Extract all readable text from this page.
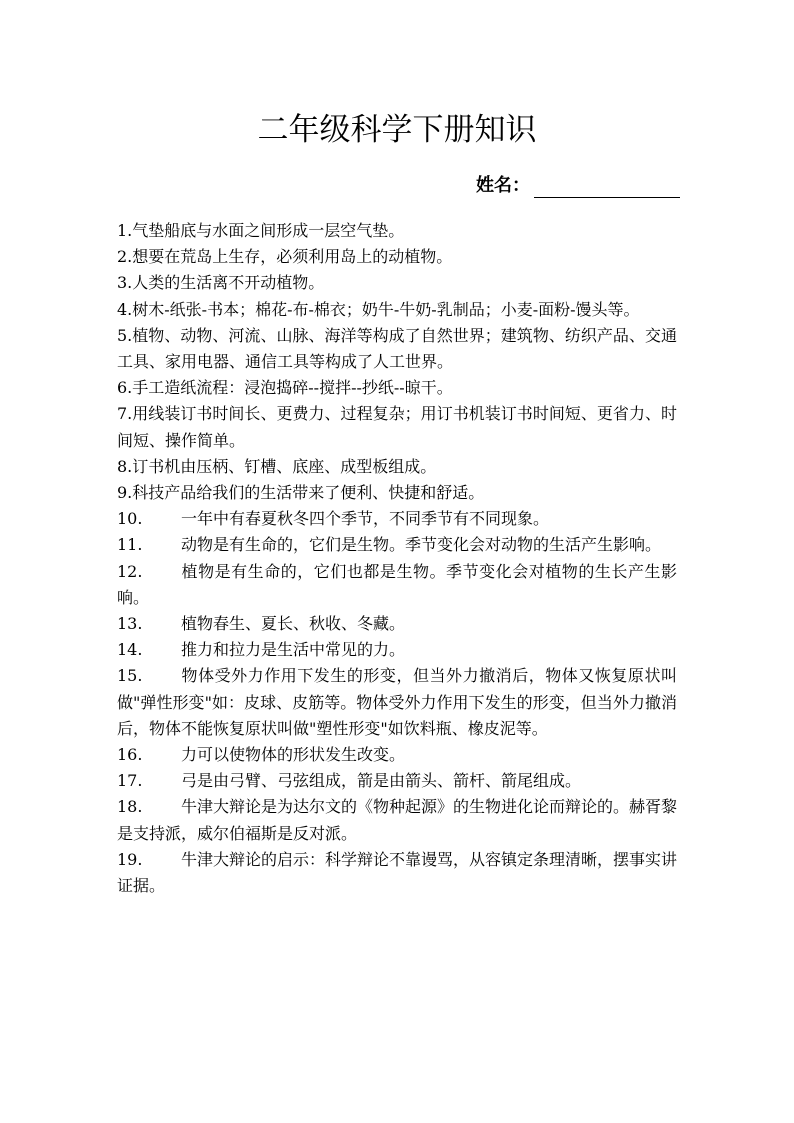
二年级科学下册知识
姓名：
1.气垫船底与水面之间形成一层空气垫。
2.想要在荒岛上生存，必须利用岛上的动植物。
3.人类的生活离不开动植物。
4.树木-纸张-书本；棉花-布-棉衣；奶牛-牛奶-乳制品；小麦-面粉-馒头等。
5.植物、动物、河流、山脉、海洋等构成了自然世界；建筑物、纺织产品、交通工具、家用电器、通信工具等构成了人工世界。
6.手工造纸流程：浸泡捣碎--搅拌--抄纸--晾干。
7.用线装订书时间长、更费力、过程复杂；用订书机装订书时间短、更省力、时间短、操作简单。
8.订书机由压柄、钉槽、底座、成型板组成。
9.科技产品给我们的生活带来了便利、快捷和舒适。
10. 一年中有春夏秋冬四个季节，不同季节有不同现象。
11. 动物是有生命的，它们是生物。季节变化会对动物的生活产生影响。
12. 植物是有生命的，它们也都是生物。季节变化会对植物的生长产生影响。
13. 植物春生、夏长、秋收、冬藏。
14. 推力和拉力是生活中常见的力。
15. 物体受外力作用下发生的形变，但当外力撤消后，物体又恢复原状叫做"弹性形变"如：皮球、皮筋等。物体受外力作用下发生的形变，但当外力撤消后，物体不能恢复原状叫做"塑性形变"如饮料瓶、橡皮泥等。
16. 力可以使物体的形状发生改变。
17. 弓是由弓臂、弓弦组成，箭是由箭头、箭杆、箭尾组成。
18. 牛津大辩论是为达尔文的《物种起源》的生物进化论而辩论的。赫胥黎是支持派，威尔伯福斯是反对派。
19. 牛津大辩论的启示：科学辩论不靠谩骂，从容镇定条理清晰，摆事实讲证据。
